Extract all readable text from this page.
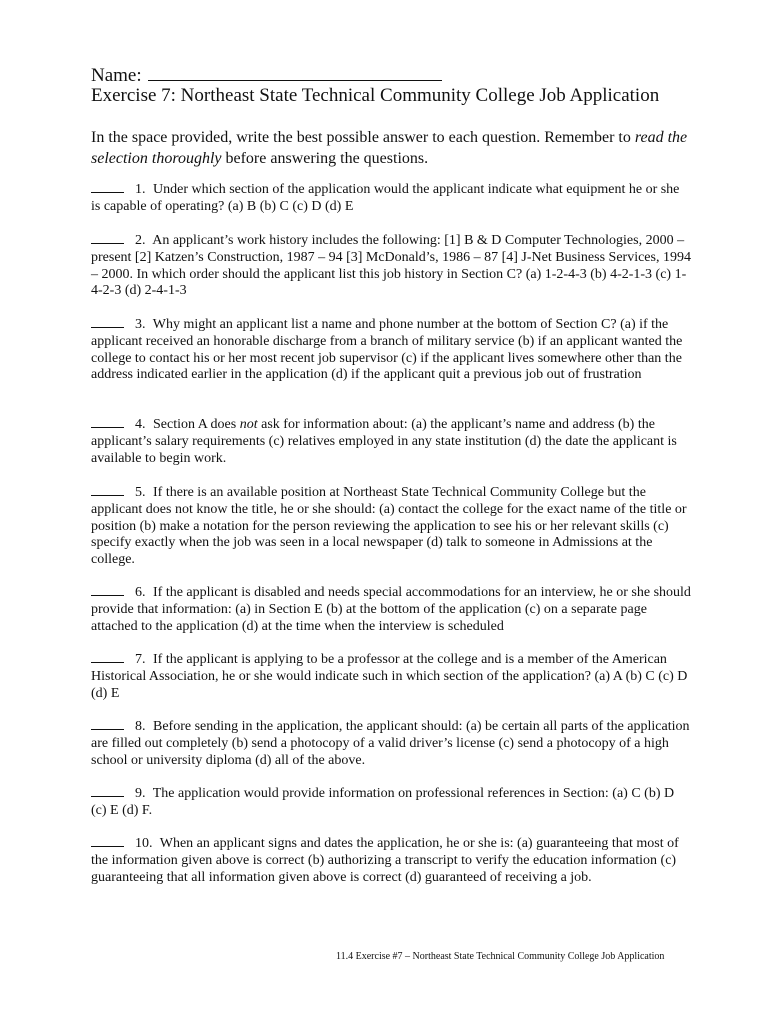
Name:
Exercise 7: Northeast State Technical Community College Job Application
In the space provided, write the best possible answer to each question. Remember to read the selection thoroughly before answering the questions.
1. Under which section of the application would the applicant indicate what equipment he or she is capable of operating? (a) B (b) C (c) D (d) E
2. An applicant’s work history includes the following: [1] B & D Computer Technologies, 2000 – present [2] Katzen’s Construction, 1987 – 94 [3] McDonald’s, 1986 – 87 [4] J-Net Business Services, 1994 – 2000. In which order should the applicant list this job history in Section C? (a) 1-2-4-3 (b) 4-2-1-3 (c) 1-4-2-3 (d) 2-4-1-3
3. Why might an applicant list a name and phone number at the bottom of Section C? (a) if the applicant received an honorable discharge from a branch of military service (b) if an applicant wanted the college to contact his or her most recent job supervisor (c) if the applicant lives somewhere other than the address indicated earlier in the application (d) if the applicant quit a previous job out of frustration
4. Section A does not ask for information about: (a) the applicant’s name and address (b) the applicant’s salary requirements (c) relatives employed in any state institution (d) the date the applicant is available to begin work.
5. If there is an available position at Northeast State Technical Community College but the applicant does not know the title, he or she should: (a) contact the college for the exact name of the title or position (b) make a notation for the person reviewing the application to see his or her relevant skills (c) specify exactly when the job was seen in a local newspaper (d) talk to someone in Admissions at the college.
6. If the applicant is disabled and needs special accommodations for an interview, he or she should provide that information: (a) in Section E (b) at the bottom of the application (c) on a separate page attached to the application (d) at the time when the interview is scheduled
7. If the applicant is applying to be a professor at the college and is a member of the American Historical Association, he or she would indicate such in which section of the application? (a) A (b) C (c) D (d) E
8. Before sending in the application, the applicant should: (a) be certain all parts of the application are filled out completely (b) send a photocopy of a valid driver’s license (c) send a photocopy of a high school or university diploma (d) all of the above.
9. The application would provide information on professional references in Section: (a) C (b) D (c) E (d) F.
10. When an applicant signs and dates the application, he or she is: (a) guaranteeing that most of the information given above is correct (b) authorizing a transcript to verify the education information (c) guaranteeing that all information given above is correct (d) guaranteed of receiving a job.
11.4 Exercise #7 – Northeast State Technical Community College Job Application
